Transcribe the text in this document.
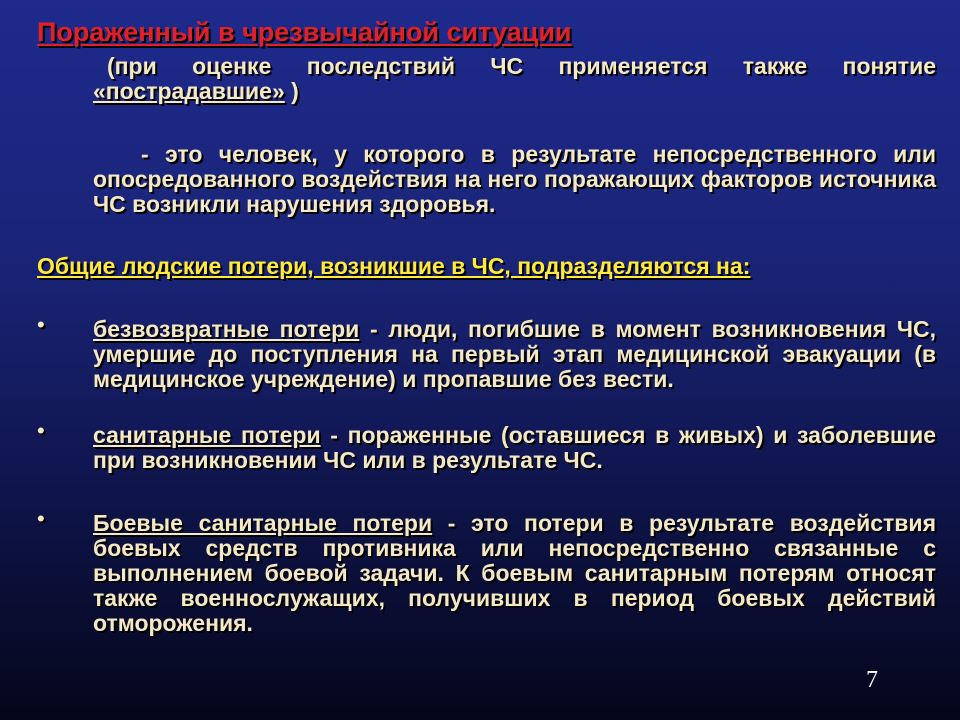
Пораженный в чрезвычайной ситуации

(при оценке последствий ЧС применяется также понятие «пострадавшие» )

- это человек, у которого в результате непосредственного или опосредованного воздействия на него поражающих факторов источника ЧС возникли нарушения здоровья.

Общие людские потери, возникшие в ЧС, подразделяются на:

• безвозвратные потери - люди, погибшие в момент возникновения ЧС, умершие до поступления на первый этап медицинской эвакуации (в медицинское учреждение) и пропавшие без вести.

• санитарные потери - пораженные (оставшиеся в живых) и заболевшие при возникновении ЧС или в результате ЧС.

• Боевые санитарные потери - это потери в результате воздействия боевых средств противника или непосредственно связанные с выполнением боевой задачи. К боевым санитарным потерям относят также военнослужащих, получивших в период боевых действий отморожения.

7
